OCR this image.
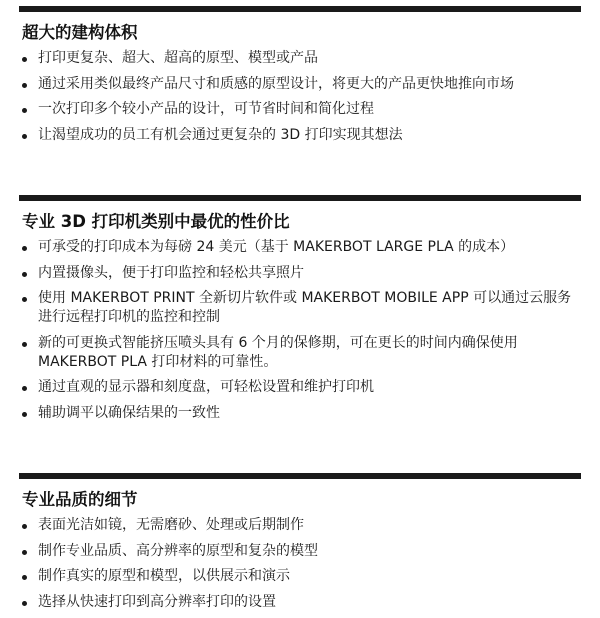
超大的建构体积
打印更复杂、超大、超高的原型、模型或产品
通过采用类似最终产品尺寸和质感的原型设计，将更大的产品更快地推向市场
一次打印多个较小产品的设计，可节省时间和简化过程
让渴望成功的员工有机会通过更复杂的 3D 打印实现其想法
专业 3D 打印机类别中最优的性价比
可承受的打印成本为每磅 24 美元（基于 MAKERBOT LARGE PLA 的成本）
内置摄像头，便于打印监控和轻松共享照片
使用 MAKERBOT PRINT 全新切片软件或 MAKERBOT MOBILE APP 可以通过云服务进行远程打印机的监控和控制
新的可更换式智能挤压喷头具有 6 个月的保修期，可在更长的时间内确保使用 MAKERBOT PLA 打印材料的可靠性。
通过直观的显示器和刻度盘，可轻松设置和维护打印机
辅助调平以确保结果的一致性
专业品质的细节
表面光洁如镜，无需磨砂、处理或后期制作
制作专业品质、高分辨率的原型和复杂的模型
制作真实的原型和模型，以供展示和演示
选择从快速打印到高分辨率打印的设置
